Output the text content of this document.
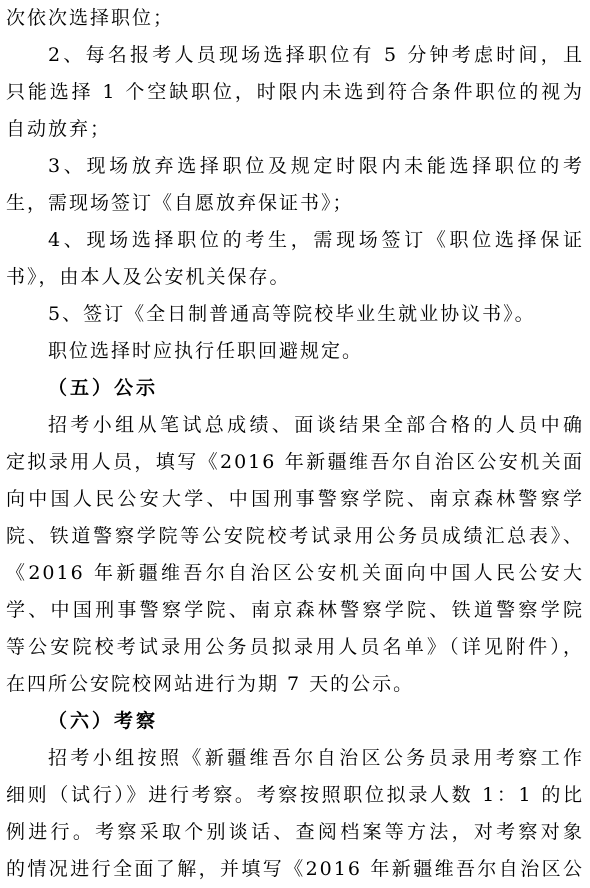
次依次选择职位；
2、每名报考人员现场选择职位有 5 分钟考虑时间，且
只能选择 1 个空缺职位，时限内未选到符合条件职位的视为
自动放弃；
3、现场放弃选择职位及规定时限内未能选择职位的考
生，需现场签订《自愿放弃保证书》；
4、现场选择职位的考生，需现场签订《职位选择保证
书》，由本人及公安机关保存。
5、签订《全日制普通高等院校毕业生就业协议书》。
职位选择时应执行任职回避规定。
（五）公示
招考小组从笔试总成绩、面谈结果全部合格的人员中确
定拟录用人员，填写《2016 年新疆维吾尔自治区公安机关面
向中国人民公安大学、中国刑事警察学院、南京森林警察学
院、铁道警察学院等公安院校考试录用公务员成绩汇总表》、
《2016 年新疆维吾尔自治区公安机关面向中国人民公安大
学、中国刑事警察学院、南京森林警察学院、铁道警察学院
等公安院校考试录用公务员拟录用人员名单》（详见附件），
在四所公安院校网站进行为期 7 天的公示。
（六）考察
招考小组按照《新疆维吾尔自治区公务员录用考察工作
细则（试行）》进行考察。考察按照职位拟录人数 1：1 的比
例进行。考察采取个别谈话、查阅档案等方法，对考察对象
的情况进行全面了解，并填写《2016 年新疆维吾尔自治区公
